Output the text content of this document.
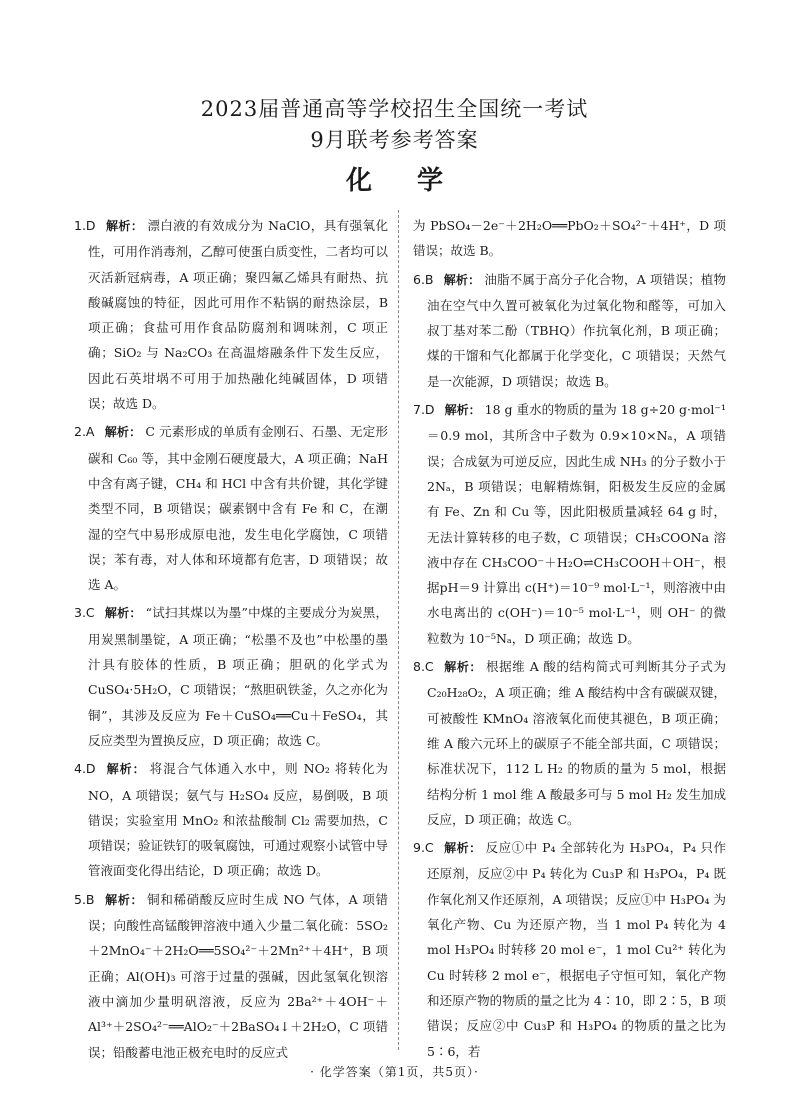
2023届普通高等学校招生全国统一考试
9月联考参考答案
化 学

1.D 解析： 漂白液的有效成分为 NaClO，具有强氧化性，可用作消毒剂，乙醇可使蛋白质变性，二者均可以灭活新冠病毒，A 项正确；聚四氟乙烯具有耐热、抗酸碱腐蚀的特征，因此可用作不粘锅的耐热涂层，B 项正确；食盐可用作食品防腐剂和调味剂，C 项正确；SiO₂ 与 Na₂CO₃ 在高温熔融条件下发生反应，因此石英坩埚不可用于加热融化纯碱固体，D 项错误；故选 D。

2.A 解析： C 元素形成的单质有金刚石、石墨、无定形碳和 C₆₀ 等，其中金刚石硬度最大，A 项正确；NaH 中含有离子键，CH₄ 和 HCl 中含有共价键，其化学键类型不同，B 项错误；碳素钢中含有 Fe 和 C，在潮湿的空气中易形成原电池，发生电化学腐蚀，C 项错误；苯有毒，对人体和环境都有危害，D 项错误；故选 A。

3.C 解析： “试扫其煤以为墨”中煤的主要成分为炭黑，用炭黑制墨锭，A 项正确；“松墨不及也”中松墨的墨汁具有胶体的性质，B 项正确；胆矾的化学式为 CuSO₄·5H₂O，C 项错误；“熬胆矾铁釜，久之亦化为铜”，其涉及反应为 Fe＋CuSO₄══Cu＋FeSO₄，其反应类型为置换反应，D 项正确；故选 C。

4.D 解析： 将混合气体通入水中，则 NO₂ 将转化为 NO，A 项错误；氨气与 H₂SO₄ 反应，易倒吸，B 项错误；实验室用 MnO₂ 和浓盐酸制 Cl₂ 需要加热，C 项错误；验证铁钉的吸氧腐蚀，可通过观察小试管中导管液面变化得出结论，D 项正确；故选 D。

5.B 解析： 铜和稀硝酸反应时生成 NO 气体，A 项错误；向酸性高锰酸钾溶液中通入少量二氧化硫：5SO₂＋2MnO₄⁻＋2H₂O══5SO₄²⁻＋2Mn²⁺＋4H⁺，B 项正确；Al(OH)₃ 可溶于过量的强碱，因此氢氧化钡溶液中滴加少量明矾溶液，反应为 2Ba²⁺＋4OH⁻＋Al³⁺＋2SO₄²⁻══AlO₂⁻＋2BaSO₄↓＋2H₂O，C 项错误；铅酸蓄电池正极充电时的反应式

为 PbSO₄－2e⁻＋2H₂O══PbO₂＋SO₄²⁻＋4H⁺，D 项错误；故选 B。

6.B 解析： 油脂不属于高分子化合物，A 项错误；植物油在空气中久置可被氧化为过氧化物和醛等，可加入叔丁基对苯二酚（TBHQ）作抗氧化剂，B 项正确；煤的干馏和气化都属于化学变化，C 项错误；天然气是一次能源，D 项错误；故选 B。

7.D 解析： 18 g 重水的物质的量为 18 g÷20 g·mol⁻¹＝0.9 mol，其所含中子数为 0.9×10×Nₐ，A 项错误；合成氨为可逆反应，因此生成 NH₃ 的分子数小于 2Nₐ，B 项错误；电解精炼铜，阳极发生反应的金属有 Fe、Zn 和 Cu 等，因此阳极质量减轻 64 g 时，无法计算转移的电子数，C 项错误；CH₃COONa 溶液中存在 CH₃COO⁻＋H₂O⇌CH₃COOH＋OH⁻，根据pH＝9 计算出 c(H⁺)＝10⁻⁹ mol·L⁻¹，则溶液中由水电离出的 c(OH⁻)＝10⁻⁵ mol·L⁻¹，则 OH⁻ 的微粒数为 10⁻⁵Nₐ，D 项正确；故选 D。

8.C 解析： 根据维 A 酸的结构简式可判断其分子式为 C₂₀H₂₈O₂，A 项正确；维 A 酸结构中含有碳碳双键，可被酸性 KMnO₄ 溶液氧化而使其褪色，B 项正确；维 A 酸六元环上的碳原子不能全部共面，C 项错误；标准状况下，112 L H₂ 的物质的量为 5 mol，根据结构分析 1 mol 维 A 酸最多可与 5 mol H₂ 发生加成反应，D 项正确；故选 C。

9.C 解析： 反应①中 P₄ 全部转化为 H₃PO₄，P₄ 只作还原剂，反应②中 P₄ 转化为 Cu₃P 和 H₃PO₄，P₄ 既作氧化剂又作还原剂，A 项错误；反应①中 H₃PO₄ 为氧化产物、Cu 为还原产物，当 1 mol P₄ 转化为 4 mol H₃PO₄ 时转移 20 mol e⁻，1 mol Cu²⁺ 转化为 Cu 时转移 2 mol e⁻，根据电子守恒可知，氧化产物和还原产物的物质的量之比为 4∶10，即 2∶5，B 项错误；反应②中 Cu₃P 和 H₃PO₄ 的物质的量之比为 5∶6，若

· 化学答案（第1页，共5页）·
